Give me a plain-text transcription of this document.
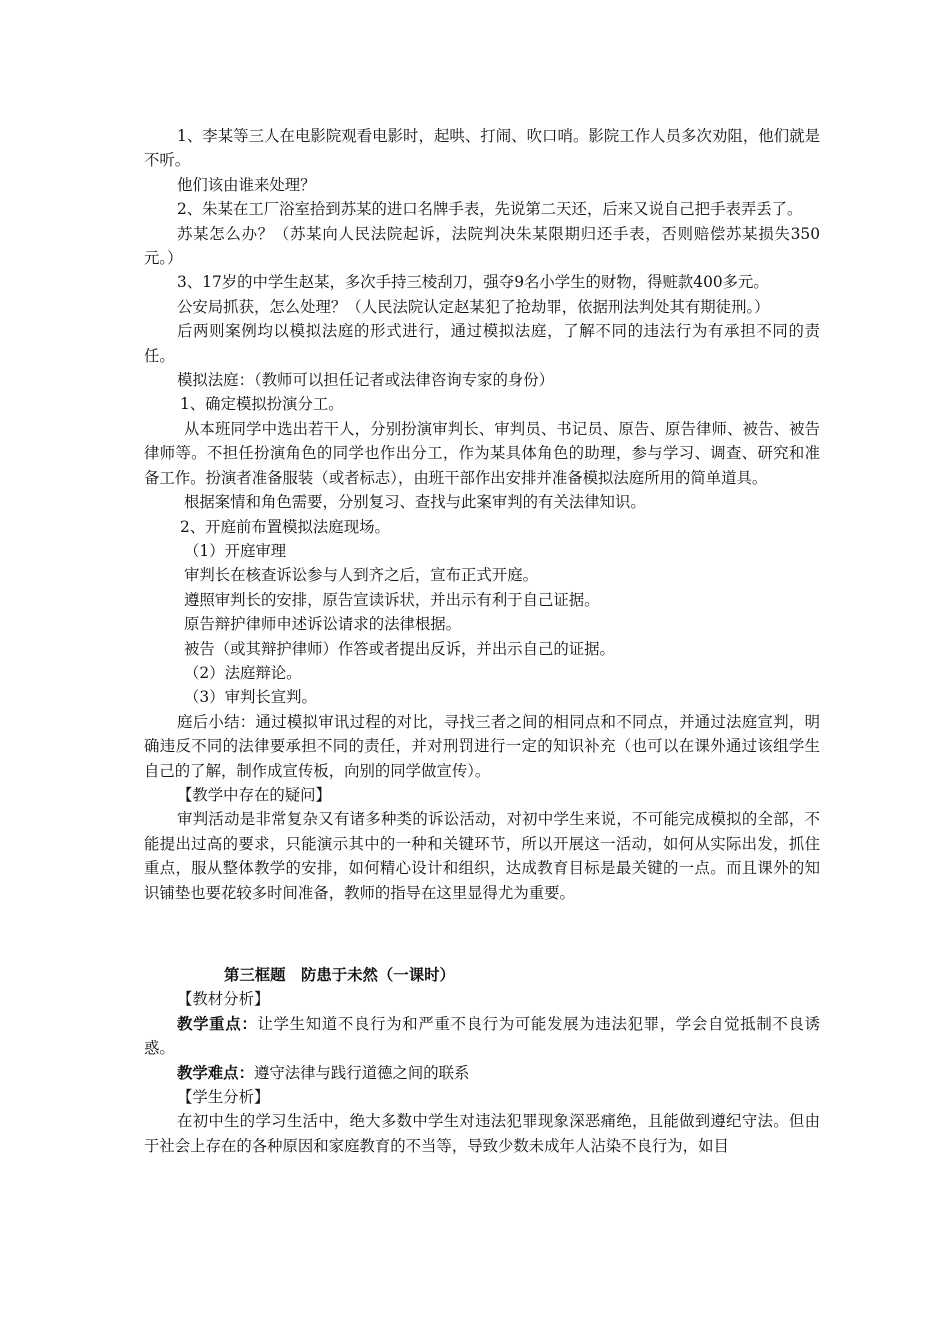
1、李某等三人在电影院观看电影时，起哄、打闹、吹口哨。影院工作人员多次劝阻，他们就是不听。

他们该由谁来处理？

2、朱某在工厂浴室拾到苏某的进口名牌手表，先说第二天还，后来又说自己把手表弄丢了。

苏某怎么办？（苏某向人民法院起诉，法院判决朱某限期归还手表，否则赔偿苏某损失350元。）

3、17岁的中学生赵某，多次手持三棱刮刀，强夺9名小学生的财物，得赃款400多元。

公安局抓获，怎么处理？（人民法院认定赵某犯了抢劫罪，依据刑法判处其有期徒刑。）

后两则案例均以模拟法庭的形式进行，通过模拟法庭，了解不同的违法行为有承担不同的责任。

模拟法庭：（教师可以担任记者或法律咨询专家的身份）

1、确定模拟扮演分工。

从本班同学中选出若干人，分别扮演审判长、审判员、书记员、原告、原告律师、被告、被告律师等。不担任扮演角色的同学也作出分工，作为某具体角色的助理，参与学习、调查、研究和准备工作。扮演者准备服装（或者标志），由班干部作出安排并准备模拟法庭所用的简单道具。

根据案情和角色需要，分别复习、查找与此案审判的有关法律知识。

2、开庭前布置模拟法庭现场。

（1）开庭审理

审判长在核查诉讼参与人到齐之后，宣布正式开庭。

遵照审判长的安排，原告宣读诉状，并出示有利于自己证据。

原告辩护律师申述诉讼请求的法律根据。

被告（或其辩护律师）作答或者提出反诉，并出示自己的证据。

（2）法庭辩论。

（3）审判长宣判。

庭后小结：通过模拟审讯过程的对比，寻找三者之间的相同点和不同点，并通过法庭宣判，明确违反不同的法律要承担不同的责任，并对刑罚进行一定的知识补充（也可以在课外通过该组学生自己的了解，制作成宣传板，向别的同学做宣传）。

【教学中存在的疑问】

审判活动是非常复杂又有诸多种类的诉讼活动，对初中学生来说，不可能完成模拟的全部，不能提出过高的要求，只能演示其中的一种和关键环节，所以开展这一活动，如何从实际出发，抓住重点，服从整体教学的安排，如何精心设计和组织，达成教育目标是最关键的一点。而且课外的知识铺垫也要花较多时间准备，教师的指导在这里显得尤为重要。

第三框题　防患于未然（一课时）

【教材分析】

教学重点：让学生知道不良行为和严重不良行为可能发展为违法犯罪，学会自觉抵制不良诱惑。

教学难点：遵守法律与践行道德之间的联系

【学生分析】

在初中生的学习生活中，绝大多数中学生对违法犯罪现象深恶痛绝，且能做到遵纪守法。但由于社会上存在的各种原因和家庭教育的不当等，导致少数未成年人沾染不良行为，如目
